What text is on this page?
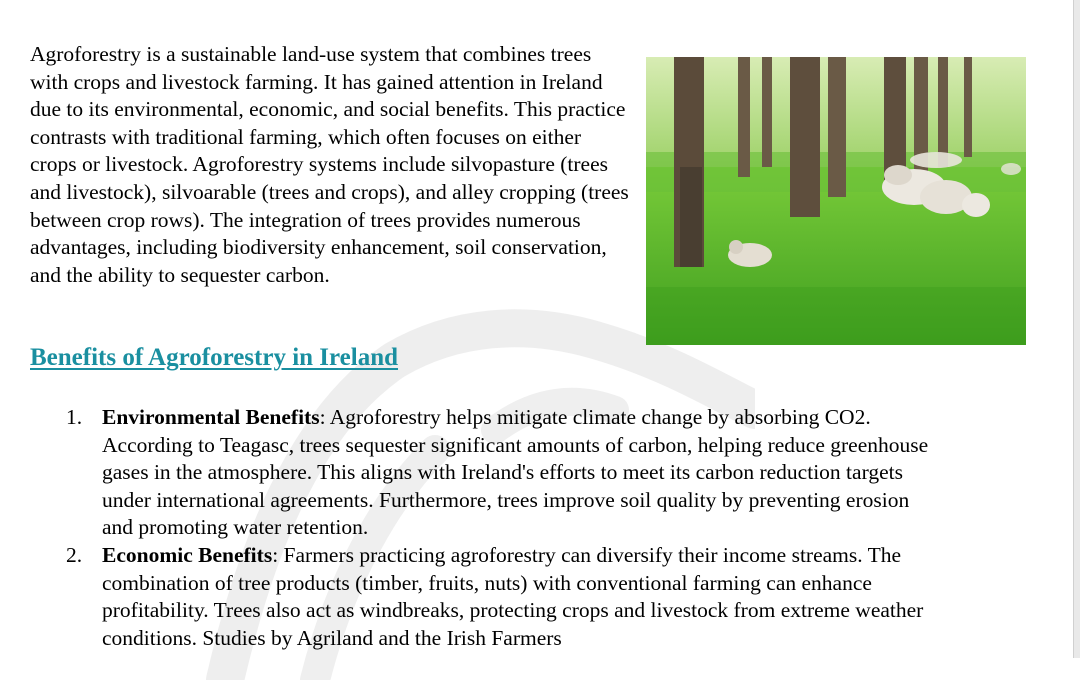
Agroforestry is a sustainable land-use system that combines trees with crops and livestock farming. It has gained attention in Ireland due to its environmental, economic, and social benefits. This practice contrasts with traditional farming, which often focuses on either crops or livestock. Agroforestry systems include silvopasture (trees and livestock), silvoarable (trees and crops), and alley cropping (trees between crop rows). The integration of trees provides numerous advantages, including biodiversity enhancement, soil conservation, and the ability to sequester carbon.

Benefits of Agroforestry in Ireland
1. Environmental Benefits: Agroforestry helps mitigate climate change by absorbing CO2. According to Teagasc, trees sequester significant amounts of carbon, helping reduce greenhouse gases in the atmosphere. This aligns with Ireland's efforts to meet its carbon reduction targets under international agreements. Furthermore, trees improve soil quality by preventing erosion and promoting water retention.
2. Economic Benefits: Farmers practicing agroforestry can diversify their income streams. The combination of tree products (timber, fruits, nuts) with conventional farming can enhance profitability. Trees also act as windbreaks, protecting crops and livestock from extreme weather conditions. Studies by Agriland and the Irish Farmers
